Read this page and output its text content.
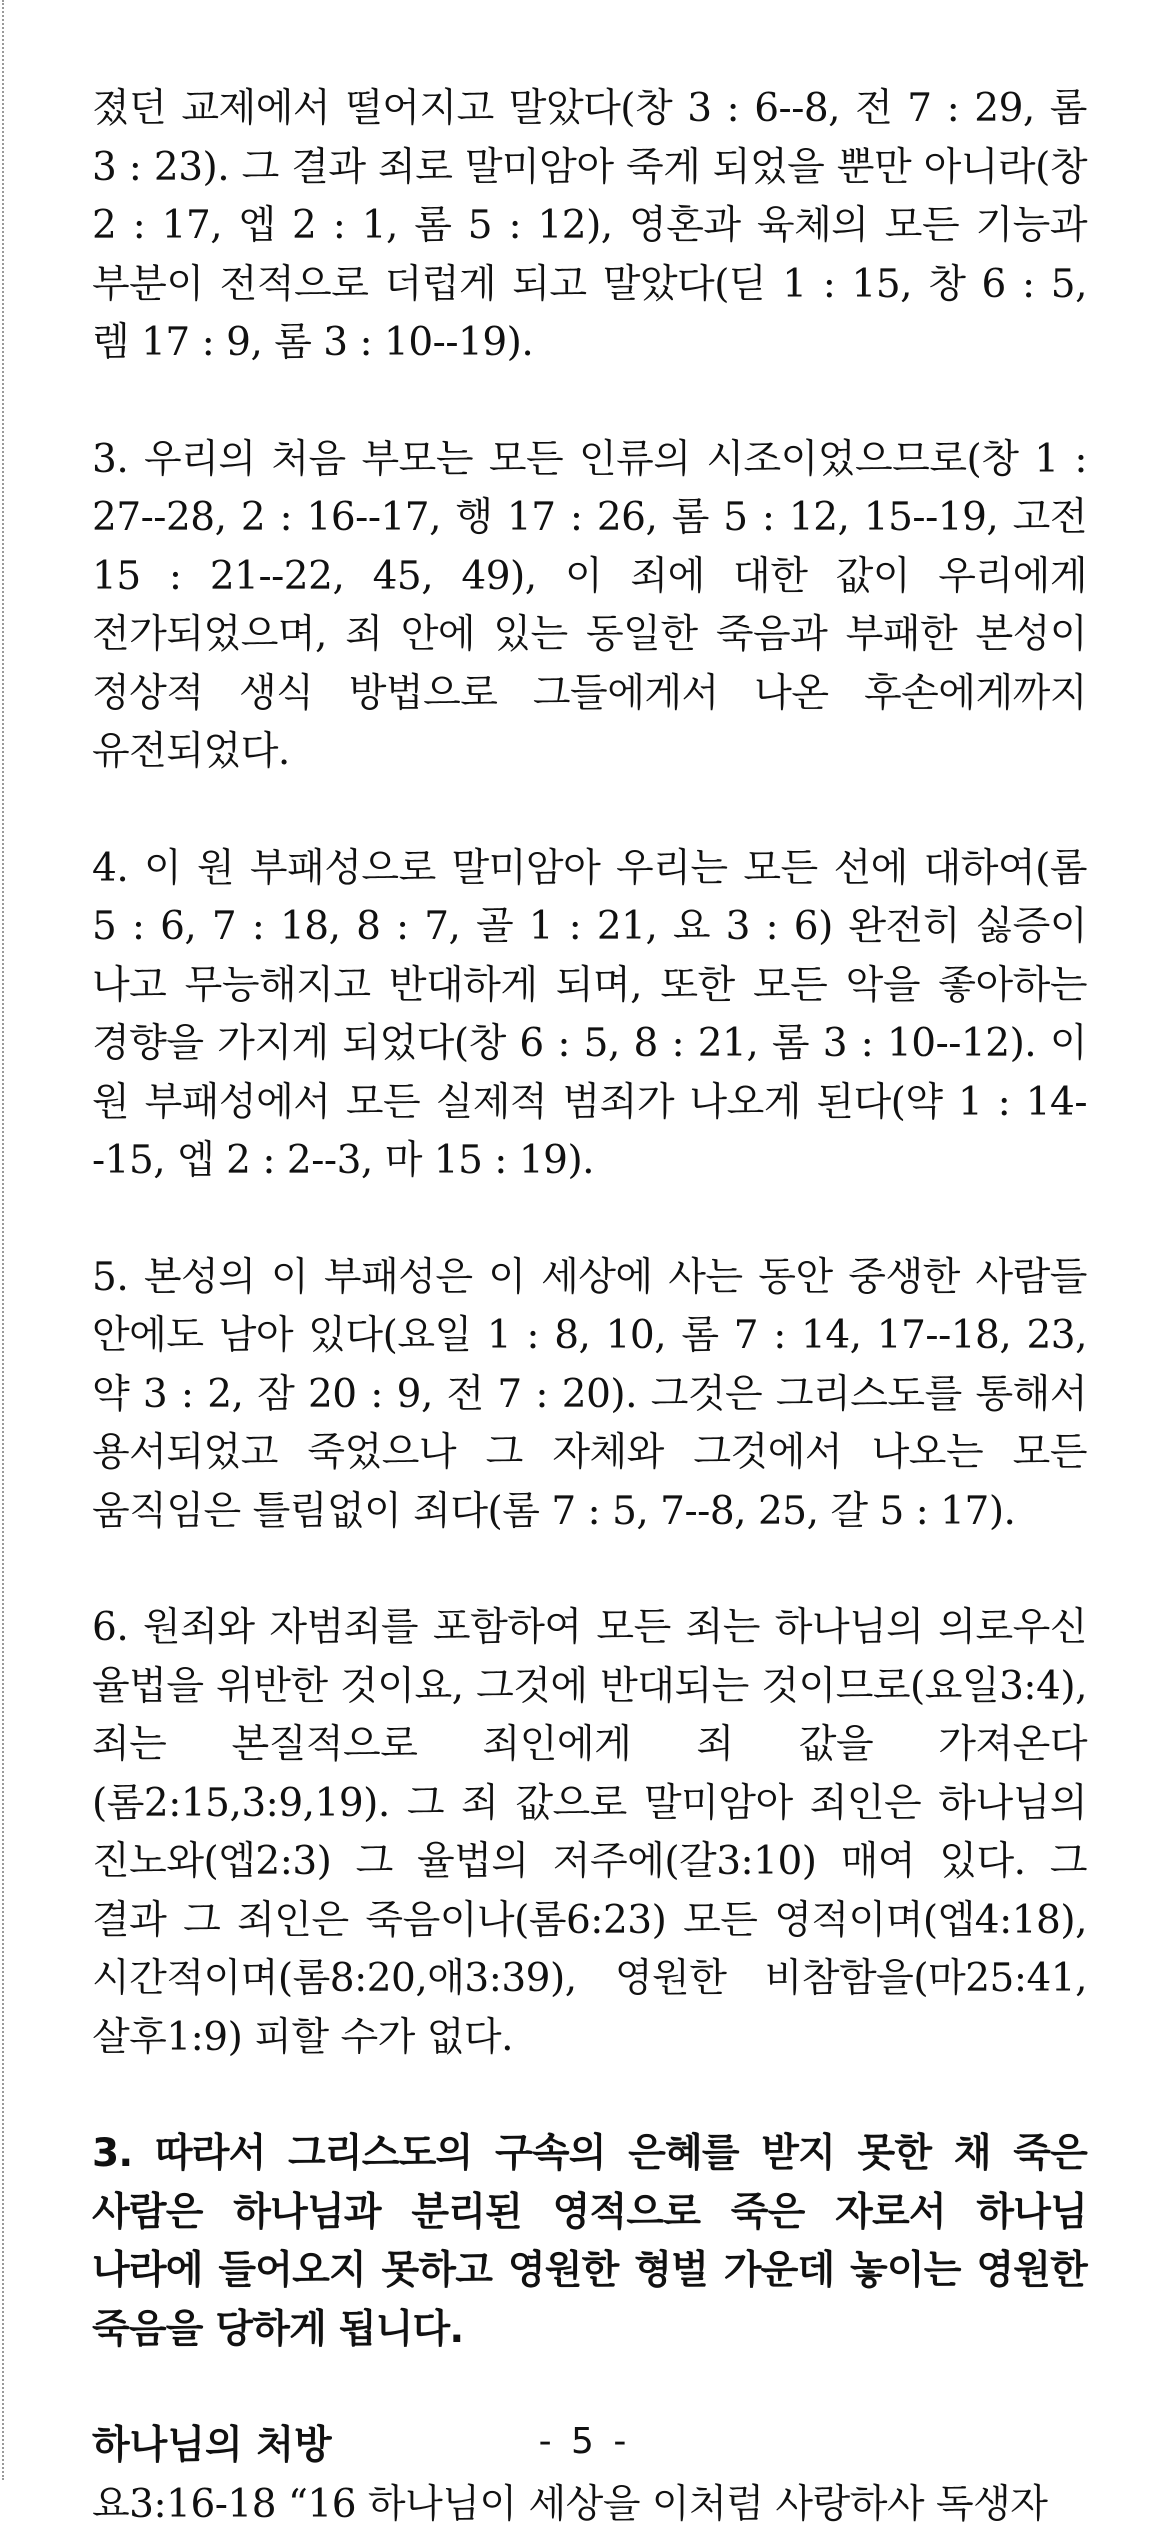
졌던 교제에서 떨어지고 말았다(창 3 : 6--8, 전 7 : 29, 롬 3 : 23). 그 결과 죄로 말미암아 죽게 되었을 뿐만 아니라(창 2 : 17, 엡 2 : 1, 롬 5 : 12), 영혼과 육체의 모든 기능과 부분이 전적으로 더럽게 되고 말았다(딛 1 : 15, 창 6 : 5, 렘 17 : 9, 롬 3 : 10--19).

3. 우리의 처음 부모는 모든 인류의 시조이었으므로(창 1 : 27--28, 2 : 16--17, 행 17 : 26, 롬 5 : 12, 15--19, 고전 15 : 21--22, 45, 49), 이 죄에 대한 값이 우리에게 전가되었으며, 죄 안에 있는 동일한 죽음과 부패한 본성이 정상적 생식 방법으로 그들에게서 나온 후손에게까지 유전되었다.

4. 이 원 부패성으로 말미암아 우리는 모든 선에 대하여(롬 5 : 6, 7 : 18, 8 : 7, 골 1 : 21, 요 3 : 6) 완전히 싫증이 나고 무능해지고 반대하게 되며, 또한 모든 악을 좋아하는 경향을 가지게 되었다(창 6 : 5, 8 : 21, 롬 3 : 10--12). 이 원 부패성에서 모든 실제적 범죄가 나오게 된다(약 1 : 14--15, 엡 2 : 2--3, 마 15 : 19).

5. 본성의 이 부패성은 이 세상에 사는 동안 중생한 사람들 안에도 남아 있다(요일 1 : 8, 10, 롬 7 : 14, 17--18, 23, 약 3 : 2, 잠 20 : 9, 전 7 : 20). 그것은 그리스도를 통해서 용서되었고 죽었으나 그 자체와 그것에서 나오는 모든 움직임은 틀림없이 죄다(롬 7 : 5, 7--8, 25, 갈 5 : 17).

6. 원죄와 자범죄를 포함하여 모든 죄는 하나님의 의로우신 율법을 위반한 것이요, 그것에 반대되는 것이므로(요일3:4), 죄는 본질적으로 죄인에게 죄 값을 가져온다(롬2:15,3:9,19). 그 죄 값으로 말미암아 죄인은 하나님의 진노와(엡2:3) 그 율법의 저주에(갈3:10) 매여 있다. 그 결과 그 죄인은 죽음이나(롬6:23) 모든 영적이며(엡4:18), 시간적이며(롬8:20,애3:39), 영원한 비참함을(마25:41, 살후1:9) 피할 수가 없다.

3. 따라서 그리스도의 구속의 은혜를 받지 못한 채 죽은 사람은 하나님과 분리된 영적으로 죽은 자로서 하나님 나라에 들어오지 못하고 영원한 형벌 가운데 놓이는 영원한 죽음을 당하게 됩니다.

하나님의 처방

요3:16-18 “16 하나님이 세상을 이처럼 사랑하사 독생자

- 5 -
